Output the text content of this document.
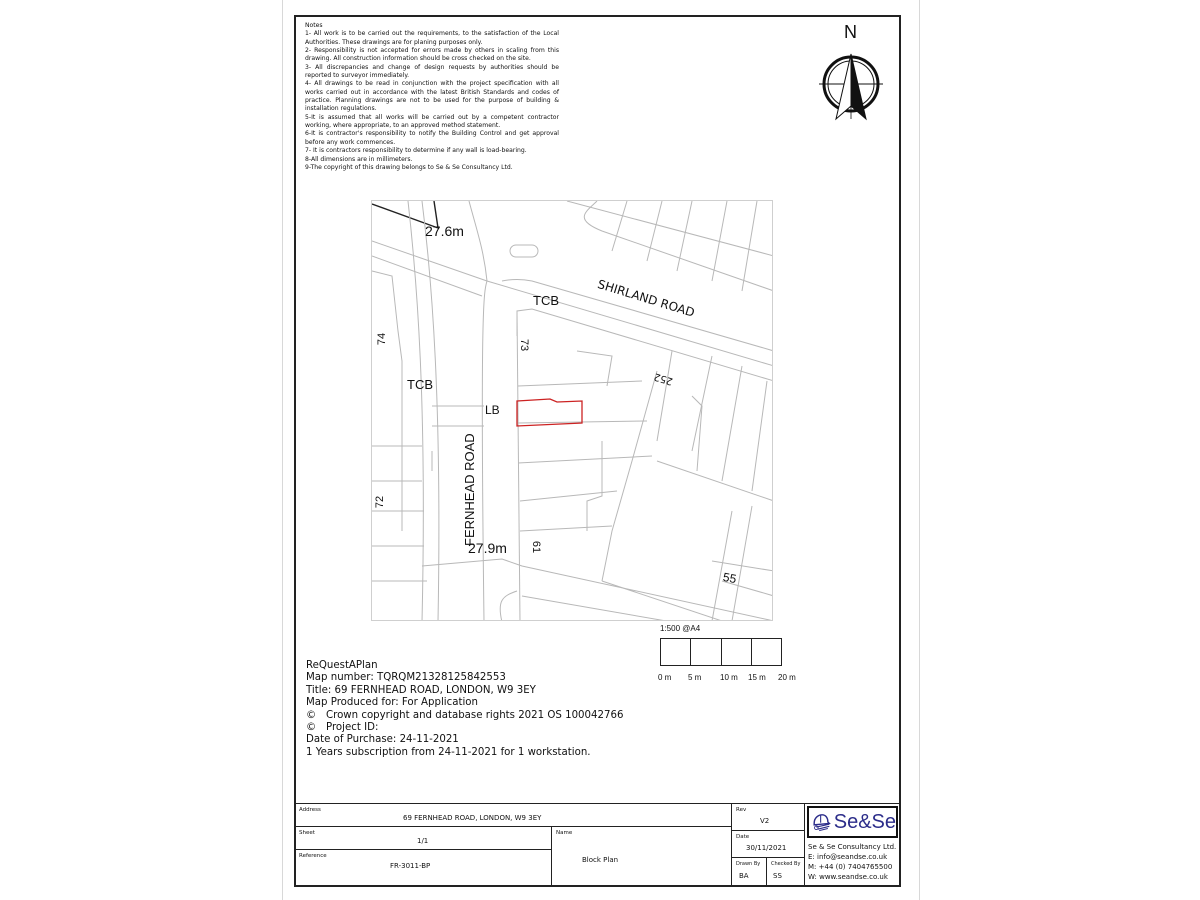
Notes
1- All work is to be carried out the requirements, to the satisfaction of the Local Authorities. These drawings are for planing purposes only.
2- Responsibility is not accepted for errors made by others in scaling from this drawing. All construction information should be cross checked on the site.
3- All discrepancies and change of design requests by authorities should be reported to surveyor immediately.
4- All drawings to be read in conjunction with the project specification with all works carried out in accordance with the latest British Standards and codes of practice. Planning drawings are not to be used for the purpose of building & installation regulations.
5-It is assumed that all works will be carried out by a competent contractor working, where appropriate, to an approved method statement.
6-It is contractor's responsibility to notify the Building Control and get approval before any work commences.
7- It is contractors responsibility to determine if any wall is load-bearing.
8-All dimensions are in millimeters.
9-The copyright of this drawing belongs to Se & Se Consultancy Ltd.
N
27.6m
SHIRLAND ROAD
TCB
74	73
252
TCB
LB
FERNHEAD ROAD
72
27.9m 61
55
1:500 @A4
0 m 5 m 10 m 15 m 20 m
ReQuestAPlan
Map number: TQRQM21328125842553
Title: 69 FERNHEAD ROAD, LONDON, W9 3EY
Map Produced for: For Application
© Crown copyright and database rights 2021 OS 100042766
© Project ID:
Date of Purchase: 24-11-2021
1 Years subscription from 24-11-2021 for 1 workstation.
Address
69 FERNHEAD ROAD, LONDON, W9 3EY
Sheet
1/1
Reference
FR-3011-BP
Name
Block Plan
Rev
V2
Date
30/11/2021
Drawn By
BA
Checked By
SS
Se&Se
Se & Se Consultancy Ltd.
E: info@seandse.co.uk
M: +44 (0) 7404765500
W: www.seandse.co.uk
